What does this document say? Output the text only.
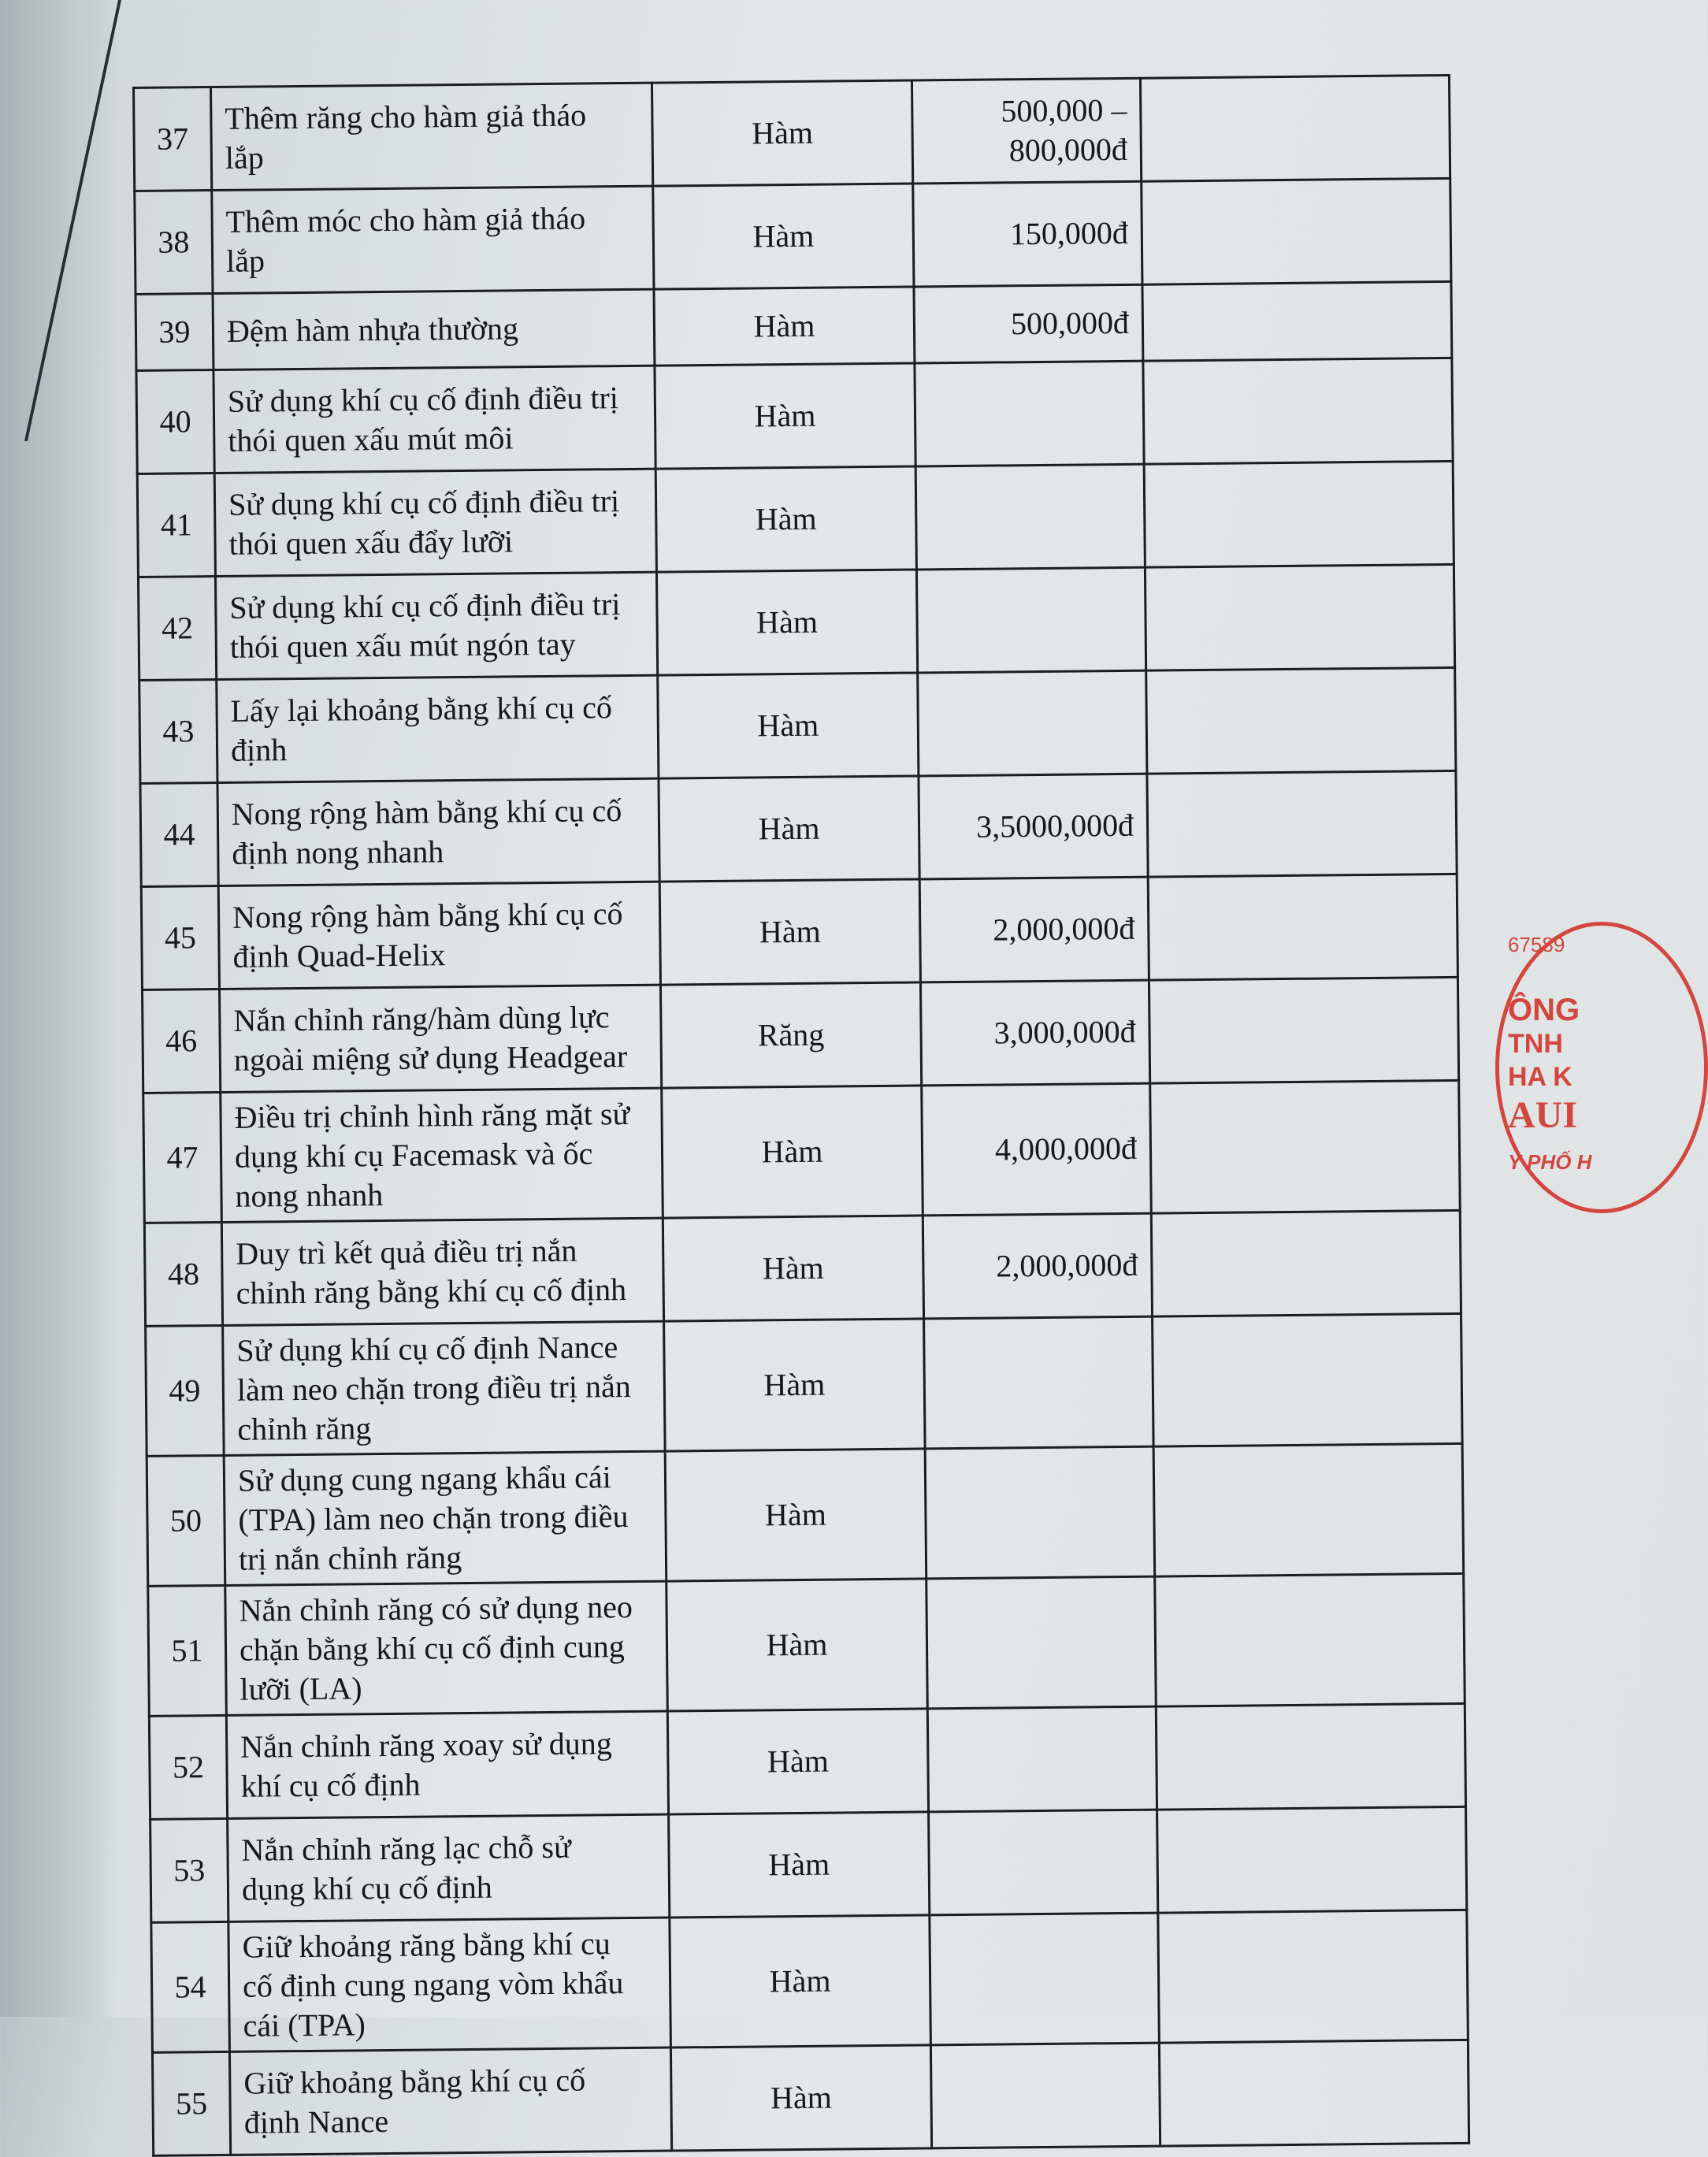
37	Thêm răng cho hàm giả tháo
lắp	Hàm	500,000 –
800,000đ	

38	Thêm móc cho hàm giả tháo
lắp	Hàm	150,000đ	

39	Đệm hàm nhựa thường	Hàm	500,000đ	

40	Sử dụng khí cụ cố định điều trị
thói quen xấu mút môi	Hàm		

41	Sử dụng khí cụ cố định điều trị
thói quen xấu đẩy lưỡi	Hàm		

42	Sử dụng khí cụ cố định điều trị
thói quen xấu mút ngón tay	Hàm		

43	Lấy lại khoảng bằng khí cụ cố
định	Hàm		

44	Nong rộng hàm bằng khí cụ cố
định nong nhanh	Hàm	3,5000,000đ	

45	Nong rộng hàm bằng khí cụ cố
định Quad-Helix	Hàm	2,000,000đ	

46	Nắn chỉnh răng/hàm dùng lực
ngoài miệng sử dụng Headgear	Răng	3,000,000đ	

47	Điều trị chỉnh hình răng mặt sử
dụng khí cụ Facemask và ốc
nong nhanh	Hàm	4,000,000đ	

48	Duy trì kết quả điều trị nắn
chỉnh răng bằng khí cụ cố định	Hàm	2,000,000đ	

49	Sử dụng khí cụ cố định Nance
làm neo chặn trong điều trị nắn
chỉnh răng	Hàm		

50	Sử dụng cung ngang khẩu cái
(TPA) làm neo chặn trong điều
trị nắn chỉnh răng	Hàm		

51	Nắn chỉnh răng có sử dụng neo
chặn bằng khí cụ cố định cung
lưỡi (LA)	Hàm		

52	Nắn chỉnh răng xoay sử dụng
khí cụ cố định	Hàm		

53	Nắn chỉnh răng lạc chỗ sử
dụng khí cụ cố định	Hàm		

54	Giữ khoảng răng bằng khí cụ
cố định cung ngang vòm khẩu
cái (TPA)	Hàm		

55	Giữ khoảng bằng khí cụ cố
định Nance	Hàm		

67589
ÔNG
TNH
HA K
AUI
Y PHỐ H
